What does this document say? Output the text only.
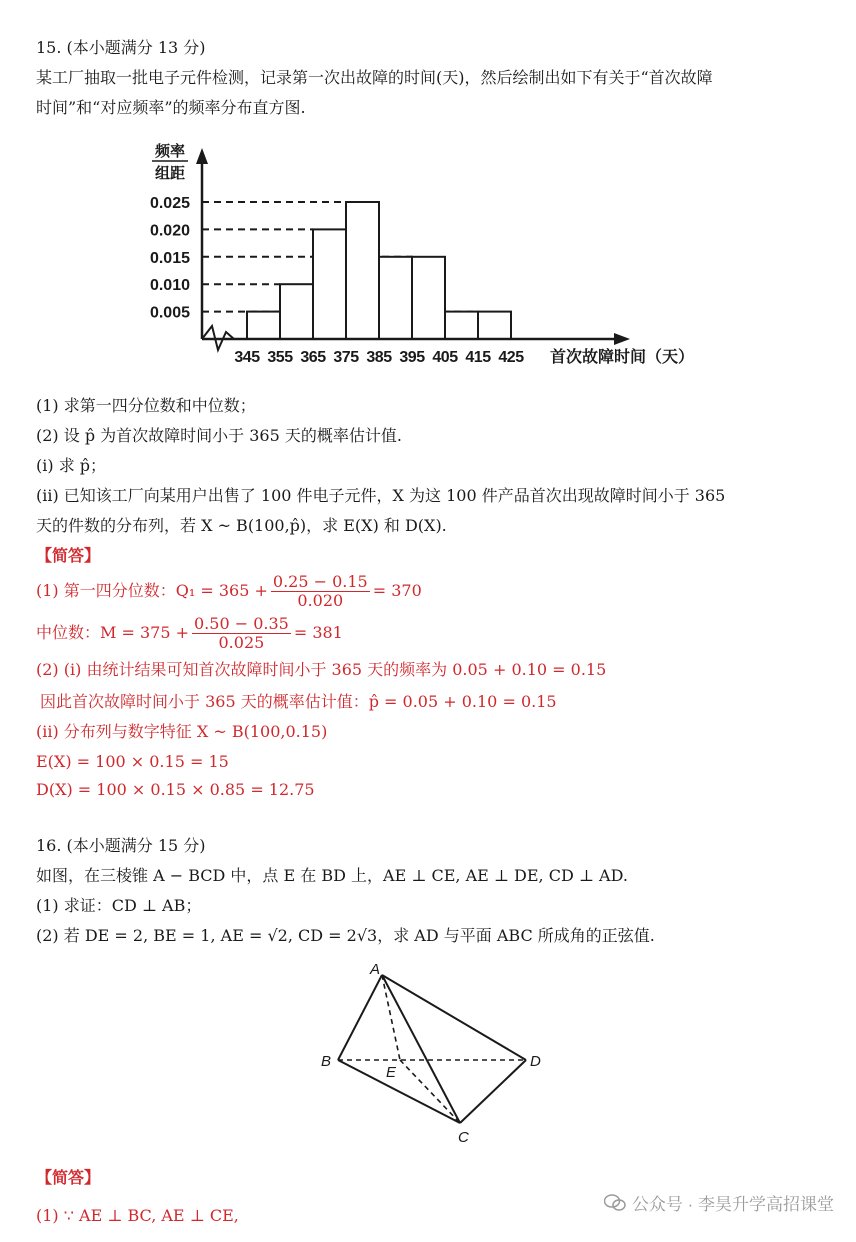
15. (本小题满分 13 分)
某工厂抽取一批电子元件检测，记录第一次出故障的时间(天)，然后绘制出如下有关于“首次故障
时间”和“对应频率”的频率分布直方图.
0.005
0.010
0.015
0.020
0.025
频率
组距
345 355 365 375 385 395 405 415 425 首次故障时间（天）
(1) 求第一四分位数和中位数；
(2) 设 p̂ 为首次故障时间小于 365 天的概率估计值.
(i) 求 p̂；
(ii) 已知该工厂向某用户出售了 100 件电子元件，X 为这 100 件产品首次出现故障时间小于 365
天的件数的分布列，若 X ~ B(100,p̂)，求 E(X) 和 D(X).
【简答】
(1) 第一四分位数：$Q_1 = 365 + \frac{0.25 - 0.15}{0.020} = 370$
中位数：$M = 375 + \frac{0.50 - 0.35}{0.025} = 381$
(2) (i) 由统计结果可知首次故障时间小于 365 天的频率为 0.05 + 0.10 = 0.15
因此首次故障时间小于 365 天的概率估计值：p̂ = 0.05 + 0.10 = 0.15
(ii) 分布列与数字特征 X ~ B(100,0.15)
E(X) = 100 × 0.15 = 15
D(X) = 100 × 0.15 × 0.85 = 12.75
16. (本小题满分 15 分)
如图，在三棱锥 A − BCD 中，点 E 在 BD 上，AE ⊥ CE, AE ⊥ DE, CD ⊥ AD.
(1) 求证：CD ⊥ AB；
(2) 若 DE = 2, BE = 1, AE = √2, CD = 2√3，求 AD 与平面 ABC 所成角的正弦值.
A
B
C
D
E
【简答】
(1) ∵ AE ⊥ BC, AE ⊥ CE,
公众号 · 李昊升学高招课堂
